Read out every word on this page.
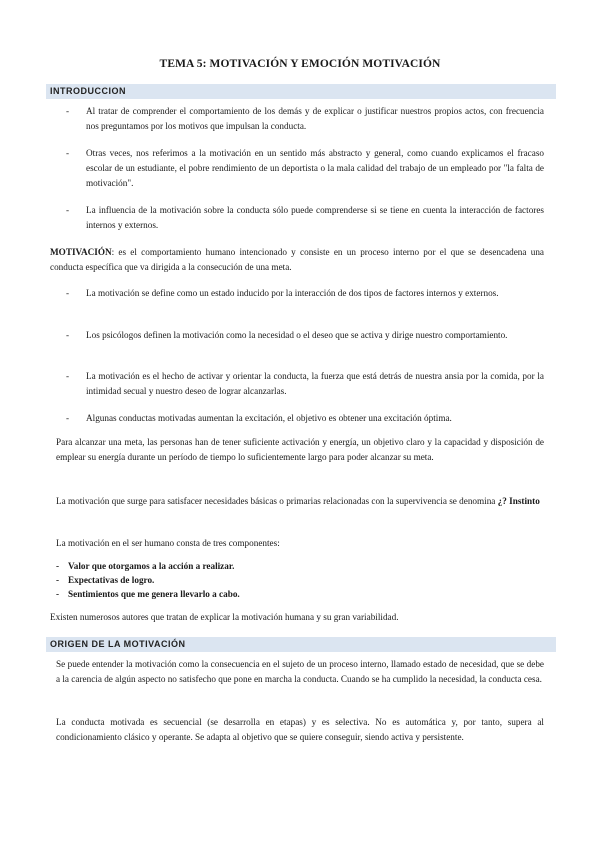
TEMA 5: MOTIVACIÓN Y EMOCIÓN MOTIVACIÓN
INTRODUCCION
- Al tratar de comprender el comportamiento de los demás y de explicar o justificar nuestros propios actos, con frecuencia nos preguntamos por los motivos que impulsan la conducta.
- Otras veces, nos referimos a la motivación en un sentido más abstracto y general, como cuando explicamos el fracaso escolar de un estudiante, el pobre rendimiento de un deportista o la mala calidad del trabajo de un empleado por "la falta de motivación".
- La influencia de la motivación sobre la conducta sólo puede comprenderse si se tiene en cuenta la interacción de factores internos y externos.
MOTIVACIÓN: es el comportamiento humano intencionado y consiste en un proceso interno por el que se desencadena una conducta específica que va dirigida a la consecución de una meta.
- La motivación se define como un estado inducido por la interacción de dos tipos de factores internos y externos.
- Los psicólogos definen la motivación como la necesidad o el deseo que se activa y dirige nuestro comportamiento.
- La motivación es el hecho de activar y orientar la conducta, la fuerza que está detrás de nuestra ansia por la comida, por la intimidad secual y nuestro deseo de lograr alcanzarlas.
- Algunas conductas motivadas aumentan la excitación, el objetivo es obtener una excitación óptima.
Para alcanzar una meta, las personas han de tener suficiente activación y energía, un objetivo claro y la capacidad y disposición de emplear su energía durante un período de tiempo lo suficientemente largo para poder alcanzar su meta.
La motivación que surge para satisfacer necesidades básicas o primarias relacionadas con la supervivencia se denomina ¿? Instinto
La motivación en el ser humano consta de tres componentes:
- Valor que otorgamos a la acción a realizar.
- Expectativas de logro.
- Sentimientos que me genera llevarlo a cabo.
Existen numerosos autores que tratan de explicar la motivación humana y su gran variabilidad.
ORIGEN DE LA MOTIVACIÓN
Se puede entender la motivación como la consecuencia en el sujeto de un proceso interno, llamado estado de necesidad, que se debe a la carencia de algún aspecto no satisfecho que pone en marcha la conducta. Cuando se ha cumplido la necesidad, la conducta cesa.
La conducta motivada es secuencial (se desarrolla en etapas) y es selectiva. No es automática y, por tanto, supera al condicionamiento clásico y operante. Se adapta al objetivo que se quiere conseguir, siendo activa y persistente.
